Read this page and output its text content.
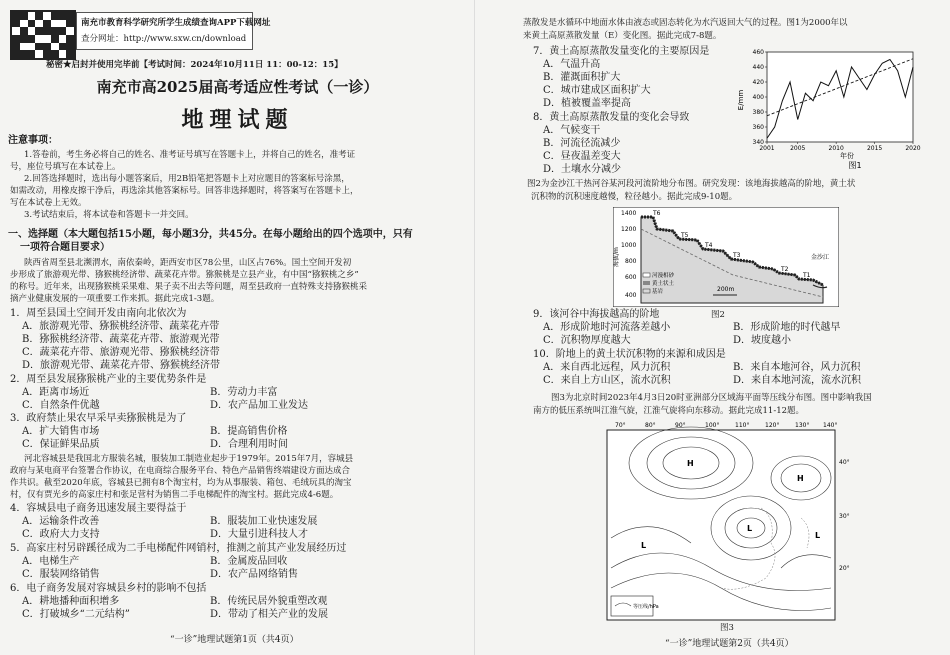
南充市教育科学研究所学生成绩查询APP下载网址
查分网址：http://www.sxw.cn/download
秘密★启封并使用完毕前【考试时间：2024年10月11日 11：00-12：15】
南充市高2025届高考适应性考试（一诊）
地理试题
注意事项：
1.答卷前，考生务必将自己的姓名、准考证号填写在答题卡上，并将自己的姓名，准考证
号，座位号填写在本试卷上。
2.回答选择题时，选出每小题答案后，用2B铅笔把答题卡上对应题目的答案标号涂黑，
如需改动，用橡皮擦干净后，再选涂其他答案标号。回答非选择题时，将答案写在答题卡上，
写在本试卷上无效。
3.考试结束后，将本试卷和答题卡一并交回。
一、选择题（本大题包括15小题，每小题3分，共45分。在每小题给出的四个选项中，只有
一项符合题目要求）
陕西省周至县北濒渭水，南依秦岭，距西安市区78公里，山区占76%。国土空间开发初
步形成了旅游观光带、猕猴桃经济带、蔬菜花卉带。猕猴桃是立县产业，有中国“猕猴桃之乡”
的称号。近年来，出现猕猴桃采果难、果子卖不出去等问题，周至县政府一直特殊支持猕猴桃采
摘产业健康发展的一项重要工作来抓。据此完成1-3题。
1．周至县国土空间开发由南向北依次为
A．旅游观光带、猕猴桃经济带、蔬菜花卉带
B．猕猴桃经济带、蔬菜花卉带、旅游观光带
C．蔬菜花卉带、旅游观光带、猕猴桃经济带
D．旅游观光带、蔬菜花卉带、猕猴桃经济带
2．周至县发展猕猴桃产业的主要优势条件是
A．距离市场近	B．劳动力丰富
C．自然条件优越	D．农产品加工业发达
3．政府禁止果农早采早卖猕猴桃是为了
A．扩大销售市场	B．提高销售价格
C．保证鲜果品质	D．合理利用时间
河北容城县是我国北方服装名城，服装加工制造业起步于1979年。2015年7月，容城县
政府与某电商平台签署合作协议，在电商综合服务平台、特色产品销售终端建设方面达成合
作共识。截至2020年底，容城县已拥有8个淘宝村，均为从事服装、箱包、毛绒玩具的淘宝
村，仅有贾光乡的高家庄村和张足营村为销售二手电梯配件的淘宝村。据此完成4-6题。
4．容城县电子商务迅速发展主要得益于
A．运输条件改善	B．服装加工业快速发展
C．政府大力支持	D．大量引进科技人才
5．高家庄村另辟蹊径成为二手电梯配件网销村，推测之前其产业发展经历过
A．电梯生产	B．金属废品回收
C．服装网络销售	D．农产品网络销售
6．电子商务发展对容城县乡村的影响不包括
A．耕地播种面积增多	B．传统民居外貌重塑改观
C．打破城乡“二元结构”	D．带动了相关产业的发展
“一诊”地理试题第1页（共4页）
蒸散发是水循环中地面水体由液态或固态转化为水汽返回大气的过程。图1为2000年以
来黄土高原蒸散发量（E）变化图。据此完成7-8题。
7．黄土高原蒸散发量变化的主要原因是
A．气温升高
B．灌溉面积扩大
C．城市建成区面积扩大
D．植被覆盖率提高
8．黄土高原蒸散发量的变化会导致
A．气候变干
B．河流径流减少
C．昼夜温差变大
D．土壤水分减少
340
360
380
400
420
440
460
2001	2005	2010	2015	2020
年份
E/mm
图1
图2为金沙江干热河谷某河段河流阶地分布图。研究发现：该地海拔越高的阶地，黄土状
沉积物的沉积速度越慢，粒径越小。据此完成9-10题。
1400
1200
1000
800
600
400
海拔/m
T6
T5
T4
T3
T2
T1
金沙江
河漫相砂
黄土状土
基岩	200m
图2
9．该河谷中海拔越高的阶地
A．形成阶地时河流落差越小	B．形成阶地的时代越早
C．沉积物厚度越大	D．坡度越小
10．阶地上的黄土状沉积物的来源和成因是
A．来自西北远程，风力沉积	B．来自本地河谷，风力沉积
C．来自上方山区，流水沉积	D．来自本地河流，流水沉积
图3为北京时间2023年4月3日20时亚洲部分区域海平面等压线分布图。图中影响我国
南方的低压系统叫江淮气旋，江淮气旋将向东移动。据此完成11-12题。
70°	80°	90°	100°	110°	120°	130° 140°
40°
30°
20°
H
H
L
L
L
等压线/hPa
图3
“一诊”地理试题第2页（共4页）
